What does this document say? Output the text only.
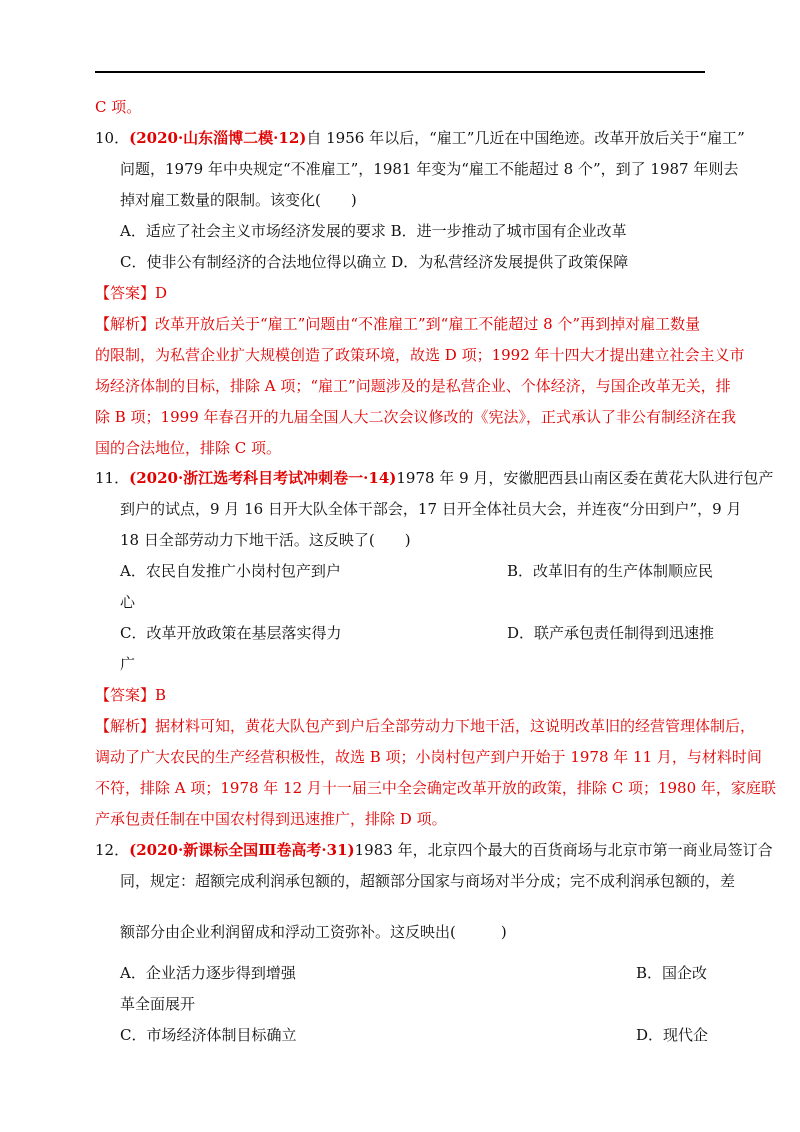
C 项。
10．(2020·山东淄博二模·12)自 1956 年以后，“雇工”几近在中国绝迹。改革开放后关于“雇工”
问题，1979 年中央规定“不准雇工”，1981 年变为“雇工不能超过 8 个”，到了 1987 年则去
掉对雇工数量的限制。该变化(　　)
A．适应了社会主义市场经济发展的要求 B．进一步推动了城市国有企业改革
C．使非公有制经济的合法地位得以确立 D．为私营经济发展提供了政策保障
【答案】D
【解析】改革开放后关于“雇工”问题由“不准雇工”到“雇工不能超过 8 个”再到掉对雇工数量
的限制，为私营企业扩大规模创造了政策环境，故选 D 项；1992 年十四大才提出建立社会主义市
场经济体制的目标，排除 A 项；“雇工”问题涉及的是私营企业、个体经济，与国企改革无关，排
除 B 项；1999 年春召开的九届全国人大二次会议修改的《宪法》，正式承认了非公有制经济在我
国的合法地位，排除 C 项。
11．(2020·浙江选考科目考试冲刺卷一·14)1978 年 9 月，安徽肥西县山南区委在黄花大队进行包产
到户的试点，9 月 16 日开大队全体干部会，17 日开全体社员大会，并连夜“分田到户”，9 月
18 日全部劳动力下地干活。这反映了(　　)
A．农民自发推广小岗村包产到户	B．改革旧有的生产体制顺应民
心
C．改革开放政策在基层落实得力	D．联产承包责任制得到迅速推
广
【答案】B
【解析】据材料可知，黄花大队包产到户后全部劳动力下地干活，这说明改革旧的经营管理体制后，
调动了广大农民的生产经营积极性，故选 B 项；小岗村包产到户开始于 1978 年 11 月，与材料时间
不符，排除 A 项；1978 年 12 月十一届三中全会确定改革开放的政策，排除 C 项；1980 年，家庭联
产承包责任制在中国农村得到迅速推广，排除 D 项。
12．(2020·新课标全国Ⅲ卷高考·31)1983 年，北京四个最大的百货商场与北京市第一商业局签订合
同，规定：超额完成利润承包额的，超额部分国家与商场对半分成；完不成利润承包额的，差
额部分由企业利润留成和浮动工资弥补。这反映出(　　　)
A．企业活力逐步得到增强	B．国企改
革全面展开
C．市场经济体制目标确立	D．现代企
